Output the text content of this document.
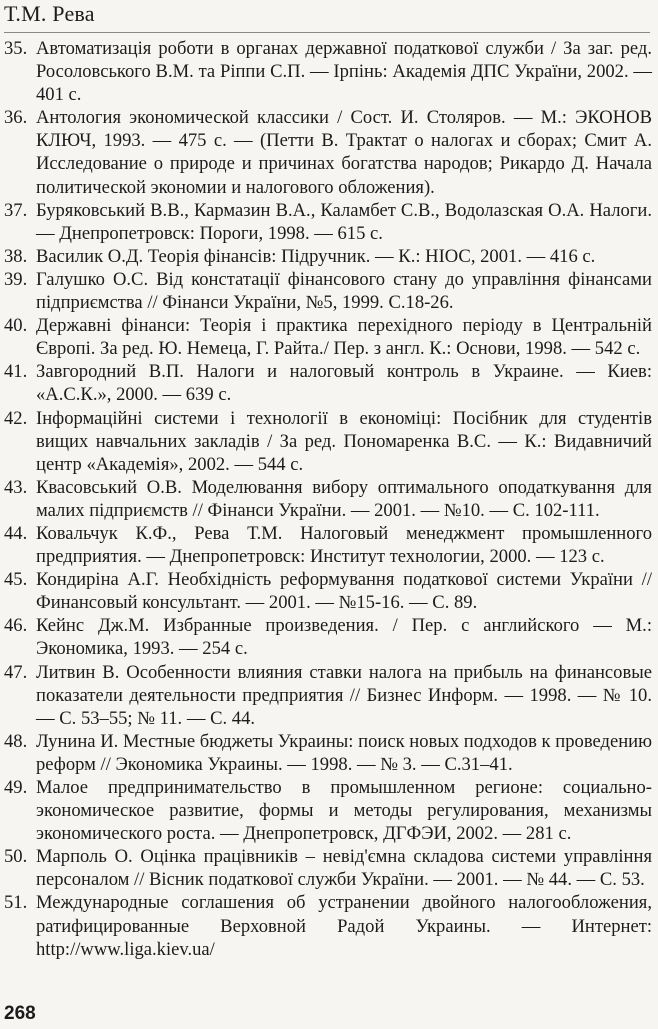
Т.М. Рева
35. Автоматизація роботи в органах державної податкової служби / За заг. ред. Росоловського В.М. та Ріппи С.П. — Ірпінь: Академія ДПС України, 2002. — 401 с.
36. Антология экономической классики / Сост. И. Столяров. — М.: ЭКОНОВ КЛЮЧ, 1993. — 475 с. — (Петти В. Трактат о налогах и сборах; Смит А. Исследование о природе и причинах богатства народов; Рикардо Д. Начала политической экономии и налогового обложения).
37. Буряковський В.В., Кармазин В.А., Каламбет С.В., Водолазская О.А. Налоги. — Днепропетровск: Пороги, 1998. — 615 с.
38. Василик О.Д. Теорія фінансів: Підручник. — К.: НІОС, 2001. — 416 с.
39. Галушко О.С. Від констатації фінансового стану до управління фінансами підприємства // Фінанси України, №5, 1999. С.18-26.
40. Державні фінанси: Теорія і практика перехідного періоду в Центральній Європі. За ред. Ю. Немеца, Г. Райта./ Пер. з англ. К.: Основи, 1998. — 542 с.
41. Завгородний В.П. Налоги и налоговый контроль в Украине. — Киев: «А.С.К.», 2000. — 639 с.
42. Інформаційні системи і технології в економіці: Посібник для студентів вищих навчальних закладів / За ред. Пономаренка В.С. — К.: Видавничий центр «Академія», 2002. — 544 с.
43. Квасовський О.В. Моделювання вибору оптимального оподаткування для малих підприємств // Фінанси України. — 2001. — №10. — С. 102-111.
44. Ковальчук К.Ф., Рева Т.М. Налоговый менеджмент промышленного предприятия. — Днепропетровск: Институт технологии, 2000. — 123 с.
45. Кондиріна А.Г. Необхідність реформування податкової системи України // Финансовый консультант. — 2001. — №15-16. — С. 89.
46. Кейнс Дж.М. Избранные произведения. / Пер. с английского — М.: Экономика, 1993. — 254 с.
47. Литвин В. Особенности влияния ставки налога на прибыль на финансовые показатели деятельности предприятия // Бизнес Информ. — 1998. — № 10. — С. 53–55; № 11. — С. 44.
48. Лунина И. Местные бюджеты Украины: поиск новых подходов к проведению реформ // Экономика Украины. — 1998. — № 3. — С.31–41.
49. Малое предпринимательство в промышленном регионе: социально-экономическое развитие, формы и методы регулирования, механизмы экономического роста. — Днепропетровск, ДГФЭИ, 2002. — 281 с.
50. Марполь О. Оцінка працівників – невід'ємна складова системи управління персоналом // Вісник податкової служби України. — 2001. — № 44. — С. 53.
51. Международные соглашения об устранении двойного налогообложения, ратифицированные Верховной Радой Украины. — Интернет: http://www.liga.kiev.ua/
268
